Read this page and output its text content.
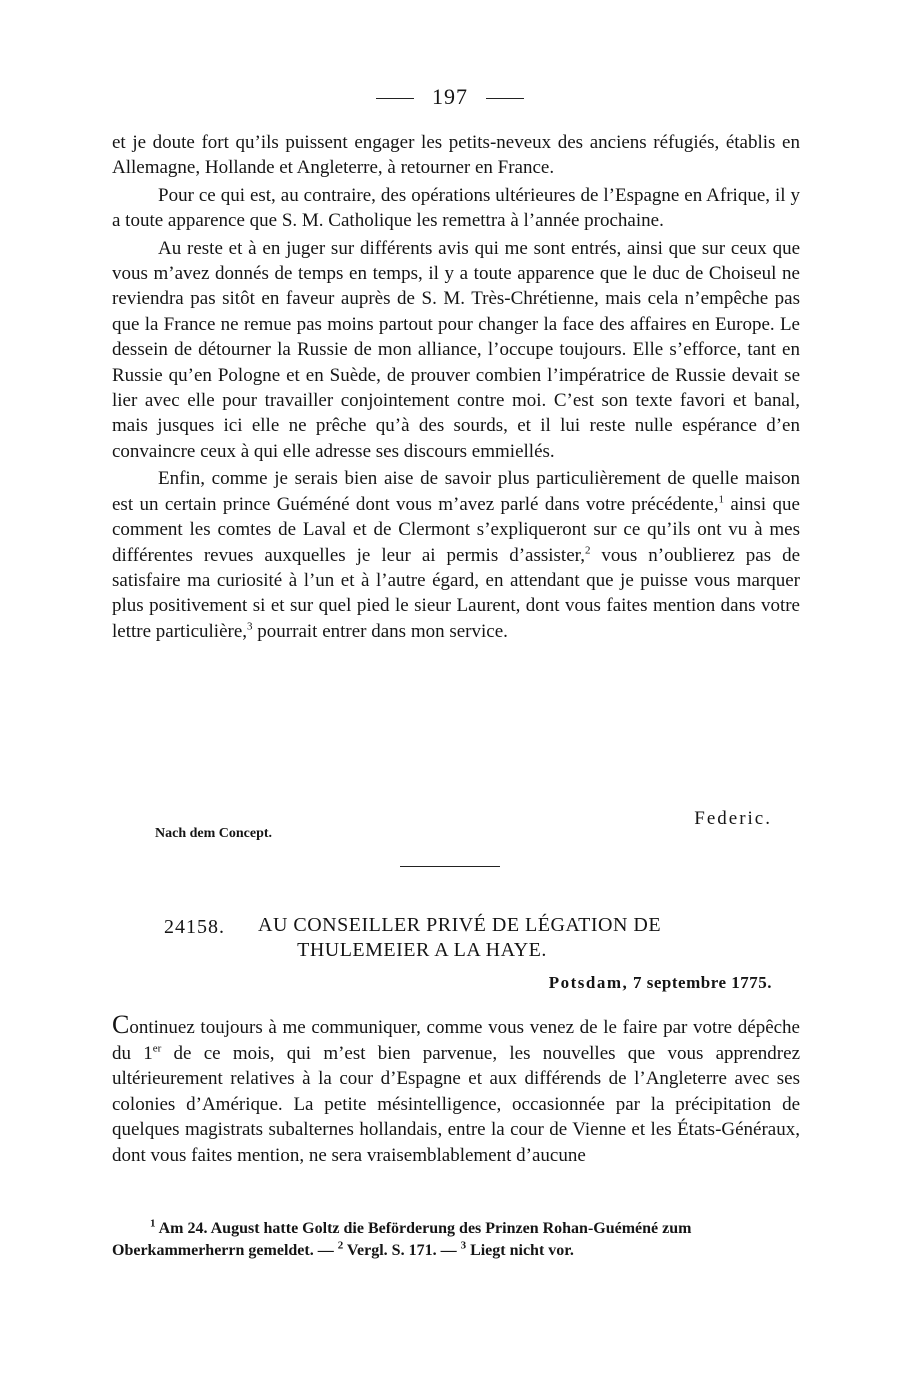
197

et je doute fort qu’ils puissent engager les petits-neveux des anciens réfugiés, établis en Allemagne, Hollande et Angleterre, à retourner en France.

Pour ce qui est, au contraire, des opérations ultérieures de l’Espagne en Afrique, il y a toute apparence que S. M. Catholique les remettra à l’année prochaine.

Au reste et à en juger sur différents avis qui me sont entrés, ainsi que sur ceux que vous m’avez donnés de temps en temps, il y a toute apparence que le duc de Choiseul ne reviendra pas sitôt en faveur auprès de S. M. Très-Chrétienne, mais cela n’empêche pas que la France ne remue pas moins partout pour changer la face des affaires en Europe. Le dessein de détourner la Russie de mon alliance, l’occupe toujours. Elle s’efforce, tant en Russie qu’en Pologne et en Suède, de prouver combien l’impératrice de Russie devait se lier avec elle pour travailler conjointement contre moi. C’est son texte favori et banal, mais jusques ici elle ne prêche qu’à des sourds, et il lui reste nulle espérance d’en convaincre ceux à qui elle adresse ses discours emmiellés.

Enfin, comme je serais bien aise de savoir plus particulièrement de quelle maison est un certain prince Guéméné dont vous m’avez parlé dans votre précédente,$^1$ ainsi que comment les comtes de Laval et de Clermont s’expliqueront sur ce qu’ils ont vu à mes différentes revues auxquelles je leur ai permis d’assister,$^2$ vous n’oublierez pas de satisfaire ma curiosité à l’un et à l’autre égard, en attendant que je puisse vous marquer plus positivement si et sur quel pied le sieur Laurent, dont vous faites mention dans votre lettre particulière,$^3$ pourrait entrer dans mon service.

Federic.
Nach dem Concept.
24158. AU CONSEILLER PRIVÉ DE LÉGATION DE
THULEMEIER A LA HAYE.
Potsdam, 7 septembre 1775.

Continuez toujours à me communiquer, comme vous venez de le faire par votre dépêche du 1er de ce mois, qui m’est bien parvenue, les nouvelles que vous apprendrez ultérieurement relatives à la cour d’Espagne et aux différends de l’Angleterre avec ses colonies d’Amérique. La petite mésintelligence, occasionnée par la précipitation de quelques magistrats subalternes hollandais, entre la cour de Vienne et les États-Généraux, dont vous faites mention, ne sera vraisemblablement d’aucune

$^1$ Am 24. August hatte Goltz die Beförderung des Prinzen Rohan-Guéméné zum Oberkammerherrn gemeldet. — $^2$ Vergl. S. 171. — $^3$ Liegt nicht vor.
